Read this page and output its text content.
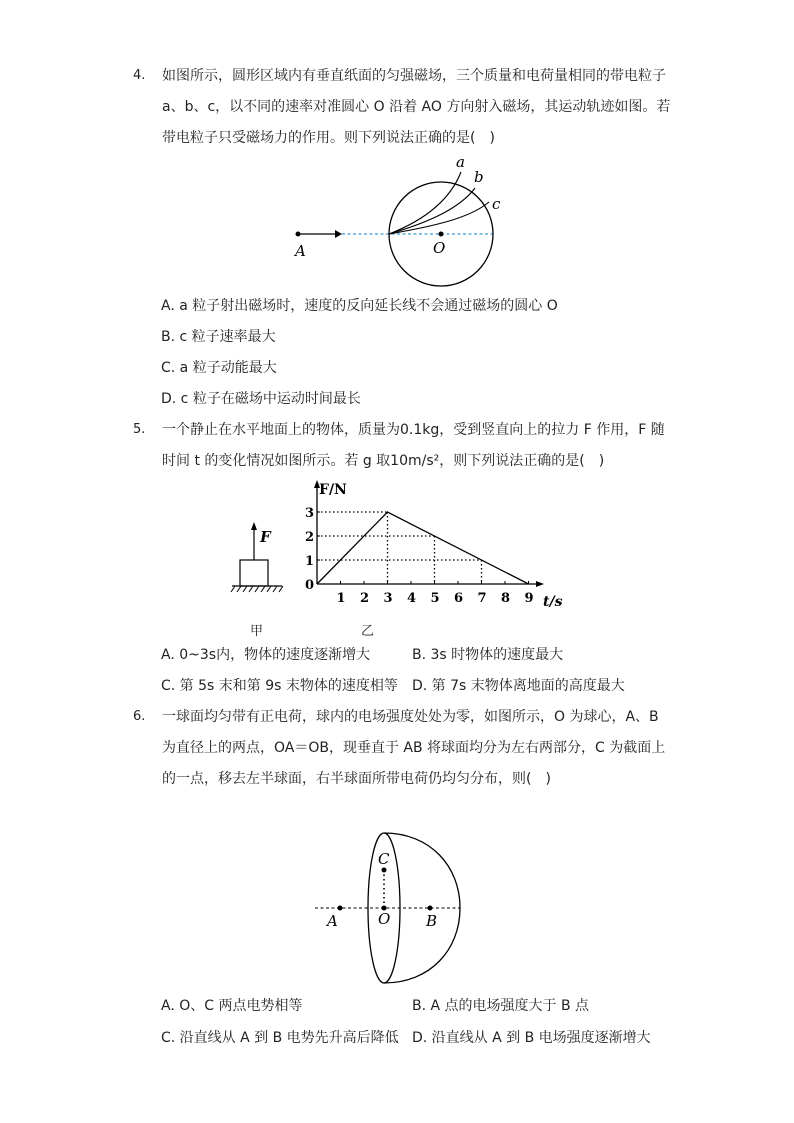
4. 如图所示，圆形区域内有垂直纸面的匀强磁场，三个质量和电荷量相同的带电粒子
a、b、c，以不同的速率对准圆心 O 沿着 AO 方向射入磁场，其运动轨迹如图。若
带电粒子只受磁场力的作用。则下列说法正确的是(　)
A	O
a
b
c
A. a 粒子射出磁场时，速度的反向延长线不会通过磁场的圆心 O
B. c 粒子速率最大
C. a 粒子动能最大
D. c 粒子在磁场中运动时间最长
5. 一个静止在水平地面上的物体，质量为0.1kg，受到竖直向上的拉力 F 作用，F 随
时间 t 的变化情况如图所示。若 g 取10m/s²，则下列说法正确的是(　)
F
1 2 3 4 5 6 7 8 9
1
2
3
F/N
t/s
0
甲	乙
A. 0~3s内，物体的速度逐渐增大	B. 3s 时物体的速度最大
C. 第 5s 末和第 9s 末物体的速度相等 D. 第 7s 末物体离地面的高度最大
6. 一球面均匀带有正电荷，球内的电场强度处处为零，如图所示，O 为球心，A、B
为直径上的两点，OA＝OB，现垂直于 AB 将球面均分为左右两部分，C 为截面上
的一点，移去左半球面，右半球面所带电荷仍均匀分布，则(　)
A	O B
C
A. O、C 两点电势相等	B. A 点的电场强度大于 B 点
C. 沿直线从 A 到 B 电势先升高后降低 D. 沿直线从 A 到 B 电场强度逐渐增大
